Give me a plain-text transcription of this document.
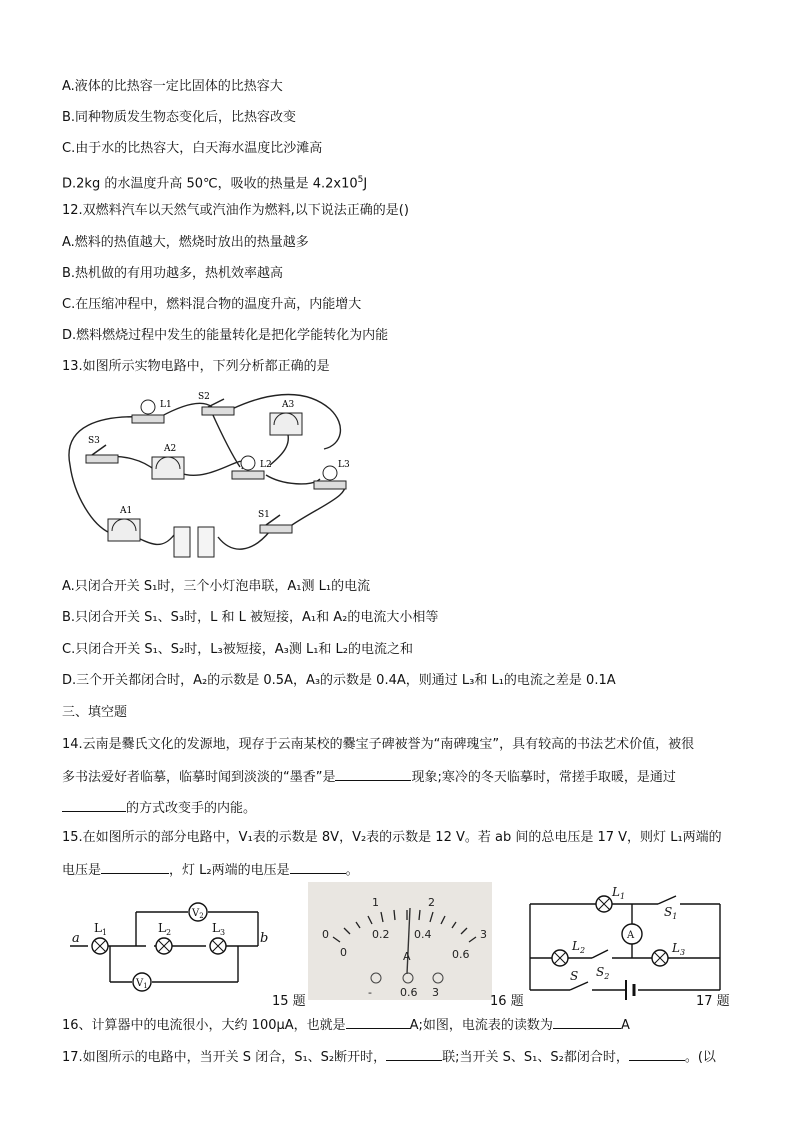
A.液体的比热容一定比固体的比热容大
B.同种物质发生物态变化后，比热容改变
C.由于水的比热容大，白天海水温度比沙滩高
D.2kg 的水温度升高 50℃，吸收的热量是 $4.2x10^5J$
12.双燃料汽车以天然气或汽油作为燃料,以下说法正确的是()
A.燃料的热值越大，燃烧时放出的热量越多
B.热机做的有用功越多，热机效率越高
C.在压缩冲程中，燃料混合物的温度升高，内能增大
D.燃料燃烧过程中发生的能量转化是把化学能转化为内能
13.如图所示实物电路中，下列分析都正确的是
L1
S2
A3
S3
A2
L2	L3
A1	S1
A.只闭合开关 S₁时，三个小灯泡串联，A₁测 L₁的电流
B.只闭合开关 S₁、S₃时，L 和 L 被短接，A₁和 A₂的电流大小相等
C.只闭合开关 S₁、S₂时，L₃被短接，A₃测 L₁和 L₂的电流之和
D.三个开关都闭合时，A₂的示数是 0.5A，A₃的示数是 0.4A，则通过 L₃和 L₁的电流之差是 0.1A
三、填空题
14.云南是爨氏文化的发源地，现存于云南某校的爨宝子碑被誉为“南碑瑰宝”，具有较高的书法艺术价值，被很
多书法爱好者临摹，临摹时闻到淡淡的“墨香”是	现象;寒冷的冬天临摹时，常搓手取暖，是通过
的方式改变手的内能。
15.在如图所示的部分电路中，V₁表的示数是 8V，V₂表的示数是 12 V。若 ab 间的总电压是 17 V，则灯 L₁两端的
电压是	，灯 L₂两端的电压是	。
a	b
$L_1$	$L_2$	$L_3$
$V_2$
$V_1$
15 题
0
1	2
3
0
0.2 0.4
0.6
A
-	0.6 3
16 题
$L_1$
A
$L_2$
$S_2$
$L_3$
S
$S_1$
17 题
16、计算器中的电流很小，大约 100μA，也就是	A;如图，电流表的读数为	A
17.如图所示的电路中，当开关 S 闭合，S₁、S₂断开时，	联;当开关 S、S₁、S₂都闭合时，	。(以
